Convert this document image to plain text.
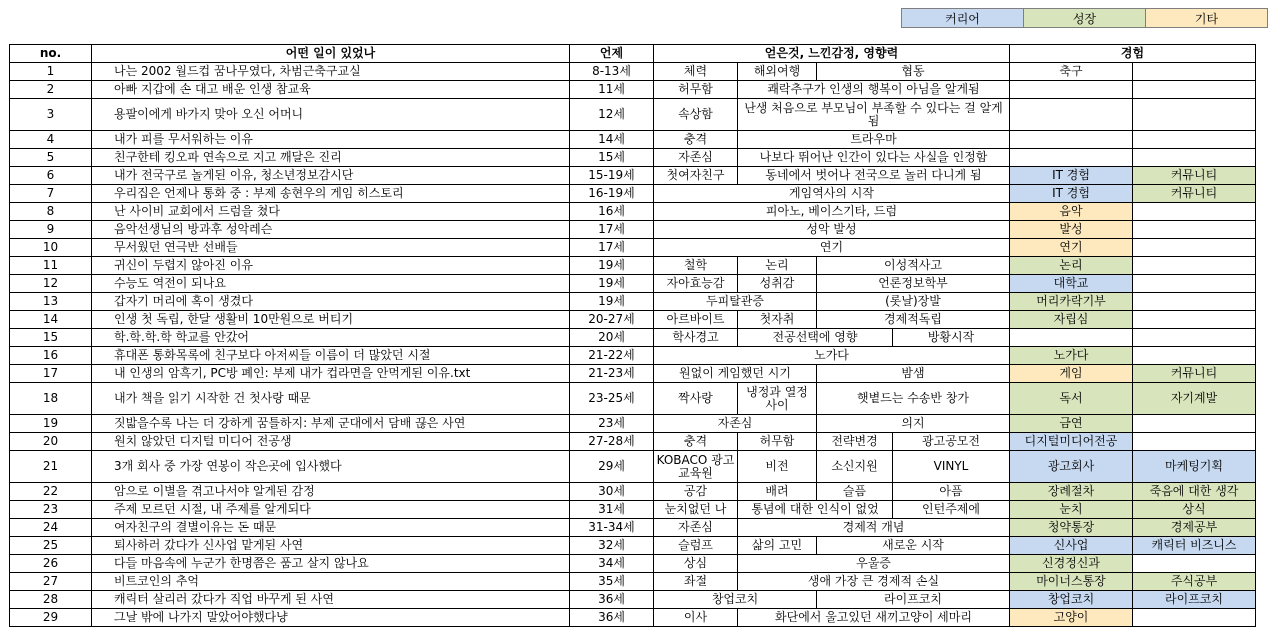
커리어	성장	기타
no.	어떤 일이 있었나	언제	얻은것, 느낀감정, 영향력				경험	
1	나는 2002 월드컵 꿈나무였다, 차범근축구교실	8-13세	체력	해외여행	협동		축구	
2	아빠 지갑에 손 대고 배운 인생 참교육	11세	허무함	쾌락추구가 인생의 행복이 아님을 알게됨				
3	용팔이에게 바가지 맞아 오신 어머니	12세	속상함	난생 처음으로 부모님이 부족할 수 있다는 걸 알게됨				
4	내가 피를 무서워하는 이유	14세	충격	트라우마				
5	친구한테 킹오파 연속으로 지고 깨달은 진리	15세	자존심	나보다 뛰어난 인간이 있다는 사실을 인정함				
6	내가 전국구로 놀게된 이유, 청소년정보감시단	15-19세	첫여자친구	동네에서 벗어나 전국으로 놀러 다니게 됨			IT 경험	커뮤니티
7	우리집은 언제나 통화 중 : 부제 송현우의 게임 히스토리	16-19세	게임역사의 시작				IT 경험	커뮤니티
8	난 사이비 교회에서 드럼을 쳤다	16세	피아노, 베이스기타, 드럼				음악	
9	음악선생님의 방과후 성악레슨	17세	성악 발성				발성	
10	무서웠던 연극반 선배들	17세	연기				연기	
11	귀신이 두렵지 않아진 이유	19세	철학	논리	이성적사고		논리	
12	수능도 역전이 되나요	19세	자아효능감	성취감	언론정보학부		대학교	
13	갑자기 머리에 혹이 생겼다	19세	두피탈관증		(롯날)장발		머리카락기부	
14	인생 첫 독립, 한달 생활비 10만원으로 버티기	20-27세	아르바이트	첫자취	경제적독립		자립심	
15	학.학.학.학 학교를 안갔어	20세	학사경고	전공선택에 영향		방황시작		
16	휴대폰 통화목록에 친구보다 아저씨들 이름이 더 많았던 시절	21-22세	노가다				노가다	
17	내 인생의 암흑기, PC방 폐인: 부제 내가 컵라면을 안먹게된 이유.txt	21-23세	원없이 게임했던 시기		밤샘		게임	커뮤니티
18	내가 책을 읽기 시작한 건 첫사랑 때문	23-25세	짝사랑	냉정과 열정 사이	햇볕드는 수송반 창가		독서	자기계발
19	짓밟을수록 나는 더 강하게 꿈틀하지: 부제 군대에서 담배 끊은 사연	23세	자존심		의지		금연	
20	원치 않았던 디지털 미디어 전공생	27-28세	충격	허무함	전략변경	광고공모전	디지털미디어전공	
21	3개 회사 중 가장 연봉이 작은곳에 입사했다	29세	KOBACO 광고교육원	비전	소신지원	VINYL	광고회사	마케팅기획
22	암으로 이별을 겪고나서야 알게된 감정	30세	공감	배려	슬픔	아픔	장례절차	죽음에 대한 생각
23	주제 모르던 시절, 내 주제를 알게되다	31세	눈치없던 나	통념에 대한 인식이 없었		인턴주제에	눈치	상식
24	여자친구의 결별이유는 돈 때문	31-34세	자존심	경제적 개념			청약통장	경제공부
25	퇴사하러 갔다가 신사업 맡게된 사연	32세	슬럼프	삶의 고민	새로운 시작		신사업	캐릭터 비즈니스
26	다들 마음속에 누군가 한명쯤은 품고 살지 않나요	34세	상심	우울증			신경정신과	
27	비트코인의 추억	35세	좌절	생애 가장 큰 경제적 손실			마이너스통장	주식공부
28	캐릭터 살리러 갔다가 직업 바꾸게 된 사연	36세	창업코치		라이프코치		창업코치	라이프코치
29	그날 밖에 나가지 말았어야했다냥	36세	이사	화단에서 울고있던 새끼고양이 세마리			고양이	
